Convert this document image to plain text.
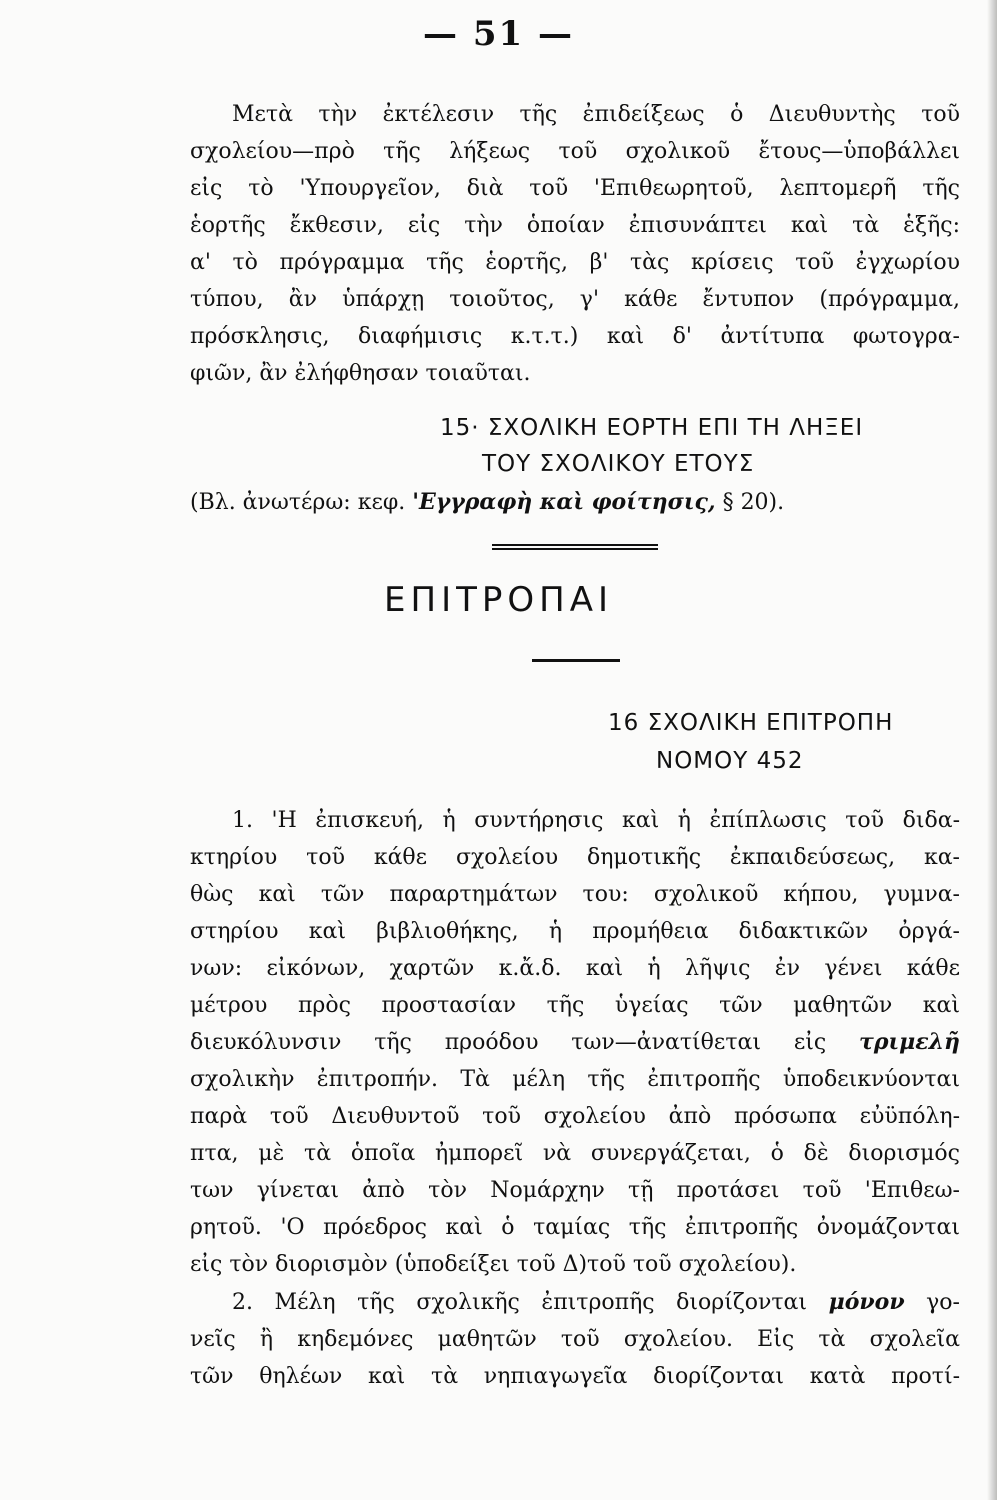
— 51 —
Μετὰ τὴν ἐκτέλεσιν τῆς ἐπιδείξεως ὁ Διευθυντὴς τοῦ
σχολείου—πρὸ τῆς λήξεως τοῦ σχολικοῦ ἔτους—ὑποβάλλει
εἰς τὸ 'Υπουργεῖον, διὰ τοῦ 'Επιθεωρητοῦ, λεπτομερῆ τῆς
ἑορτῆς ἔκθεσιν, εἰς τὴν ὁποίαν ἐπισυνάπτει καὶ τὰ ἑξῆς:
α' τὸ πρόγραμμα τῆς ἑορτῆς, β' τὰς κρίσεις τοῦ ἐγχωρίου
τύπου, ἂν ὑπάρχῃ τοιοῦτος, γ' κάθε ἔντυπον (πρόγραμμα,
πρόσκλησις, διαφήμισις κ.τ.τ.) καὶ δ' ἀντίτυπα φωτογρα-
φιῶν, ἂν ἐλήφθησαν τοιαῦται.
15· ΣΧΟΛΙΚΗ ΕΟΡΤΗ ΕΠΙ ΤΗ ΛΗΞΕΙ
ΤΟΥ ΣΧΟΛΙΚΟΥ ΕΤΟΥΣ
(Βλ. ἀνωτέρω: κεφ. 'Εγγραφὴ καὶ φοίτησις, § 20).
ΕΠΙΤΡΟΠΑΙ
16 ΣΧΟΛΙΚΗ ΕΠΙΤΡΟΠΗ
ΝΟΜΟΥ 452
1. 'Η ἐπισκευή, ἡ συντήρησις καὶ ἡ ἐπίπλωσις τοῦ διδα-
κτηρίου τοῦ κάθε σχολείου δημοτικῆς ἐκπαιδεύσεως, κα-
θὼς καὶ τῶν παραρτημάτων του: σχολικοῦ κήπου, γυμνα-
στηρίου καὶ βιβλιοθήκης, ἡ προμήθεια διδακτικῶν ὀργά-
νων: εἰκόνων, χαρτῶν κ.ἄ.δ. καὶ ἡ λῆψις ἐν γένει κάθε
μέτρου πρὸς προστασίαν τῆς ὑγείας τῶν μαθητῶν καὶ
διευκόλυνσιν τῆς προόδου των—ἀνατίθεται εἰς τριμελῆ
σχολικὴν ἐπιτροπήν. Τὰ μέλη τῆς ἐπιτροπῆς ὑποδεικνύονται
παρὰ τοῦ Διευθυντοῦ τοῦ σχολείου ἀπὸ πρόσωπα εὐϋπόλη-
πτα, μὲ τὰ ὁποῖα ἠμπορεῖ νὰ συνεργάζεται, ὁ δὲ διορισμός
των γίνεται ἀπὸ τὸν Νομάρχην τῇ προτάσει τοῦ 'Επιθεω-
ρητοῦ. 'Ο πρόεδρος καὶ ὁ ταμίας τῆς ἐπιτροπῆς ὀνομάζονται
εἰς τὸν διορισμὸν (ὑποδείξει τοῦ Δ)τοῦ τοῦ σχολείου).
2. Μέλη τῆς σχολικῆς ἐπιτροπῆς διορίζονται μόνον γο-
νεῖς ἢ κηδεμόνες μαθητῶν τοῦ σχολείου. Εἰς τὰ σχολεῖα
τῶν θηλέων καὶ τὰ νηπιαγωγεῖα διορίζονται κατὰ προτί-
